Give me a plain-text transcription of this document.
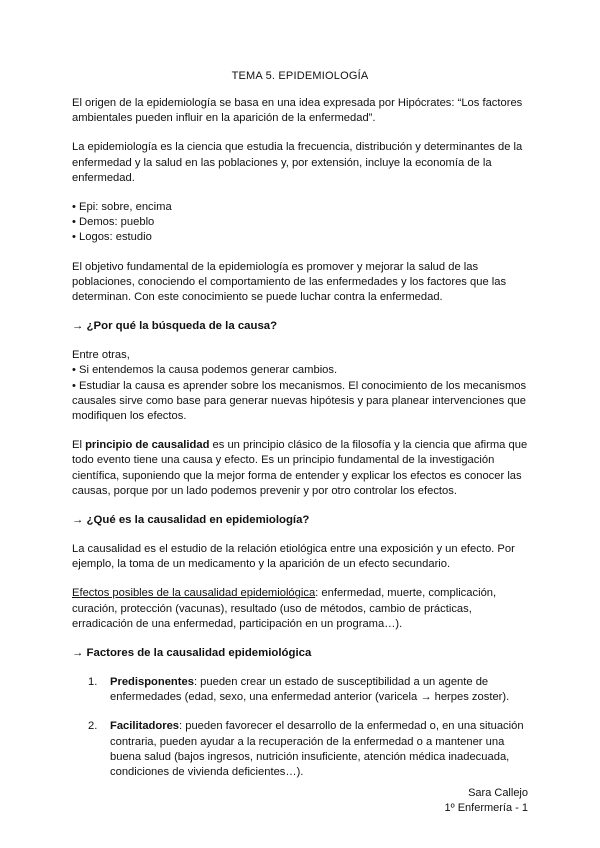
TEMA 5. EPIDEMIOLOGÍA

El origen de la epidemiología se basa en una idea expresada por Hipócrates: “Los factores ambientales pueden influir en la aparición de la enfermedad”.

La epidemiología es la ciencia que estudia la frecuencia, distribución y determinantes de la enfermedad y la salud en las poblaciones y, por extensión, incluye la economía de la enfermedad.

• Epi: sobre, encima
• Demos: pueblo
• Logos: estudio

El objetivo fundamental de la epidemiología es promover y mejorar la salud de las poblaciones, conociendo el comportamiento de las enfermedades y los factores que las determinan. Con este conocimiento se puede luchar contra la enfermedad.

→ ¿Por qué la búsqueda de la causa?

Entre otras,

• Si entendemos la causa podemos generar cambios.

• Estudiar la causa es aprender sobre los mecanismos. El conocimiento de los mecanismos causales sirve como base para generar nuevas hipótesis y para planear intervenciones que modifiquen los efectos.

El principio de causalidad es un principio clásico de la filosofía y la ciencia que afirma que todo evento tiene una causa y efecto. Es un principio fundamental de la investigación científica, suponiendo que la mejor forma de entender y explicar los efectos es conocer las causas, porque por un lado podemos prevenir y por otro controlar los efectos.

→ ¿Qué es la causalidad en epidemiología?

La causalidad es el estudio de la relación etiológica entre una exposición y un efecto. Por ejemplo, la toma de un medicamento y la aparición de un efecto secundario.

Efectos posibles de la causalidad epidemiológica: enfermedad, muerte, complicación, curación, protección (vacunas), resultado (uso de métodos, cambio de prácticas, erradicación de una enfermedad, participación en un programa…).

→ Factores de la causalidad epidemiológica
1. Predisponentes: pueden crear un estado de susceptibilidad a un agente de enfermedades (edad, sexo, una enfermedad anterior (varicela → herpes zoster).
2. Facilitadores: pueden favorecer el desarrollo de la enfermedad o, en una situación contraria, pueden ayudar a la recuperación de la enfermedad o a mantener una buena salud (bajos ingresos, nutrición insuficiente, atención médica inadecuada, condiciones de vivienda deficientes…).
Sara Callejo
1º Enfermería - 1
